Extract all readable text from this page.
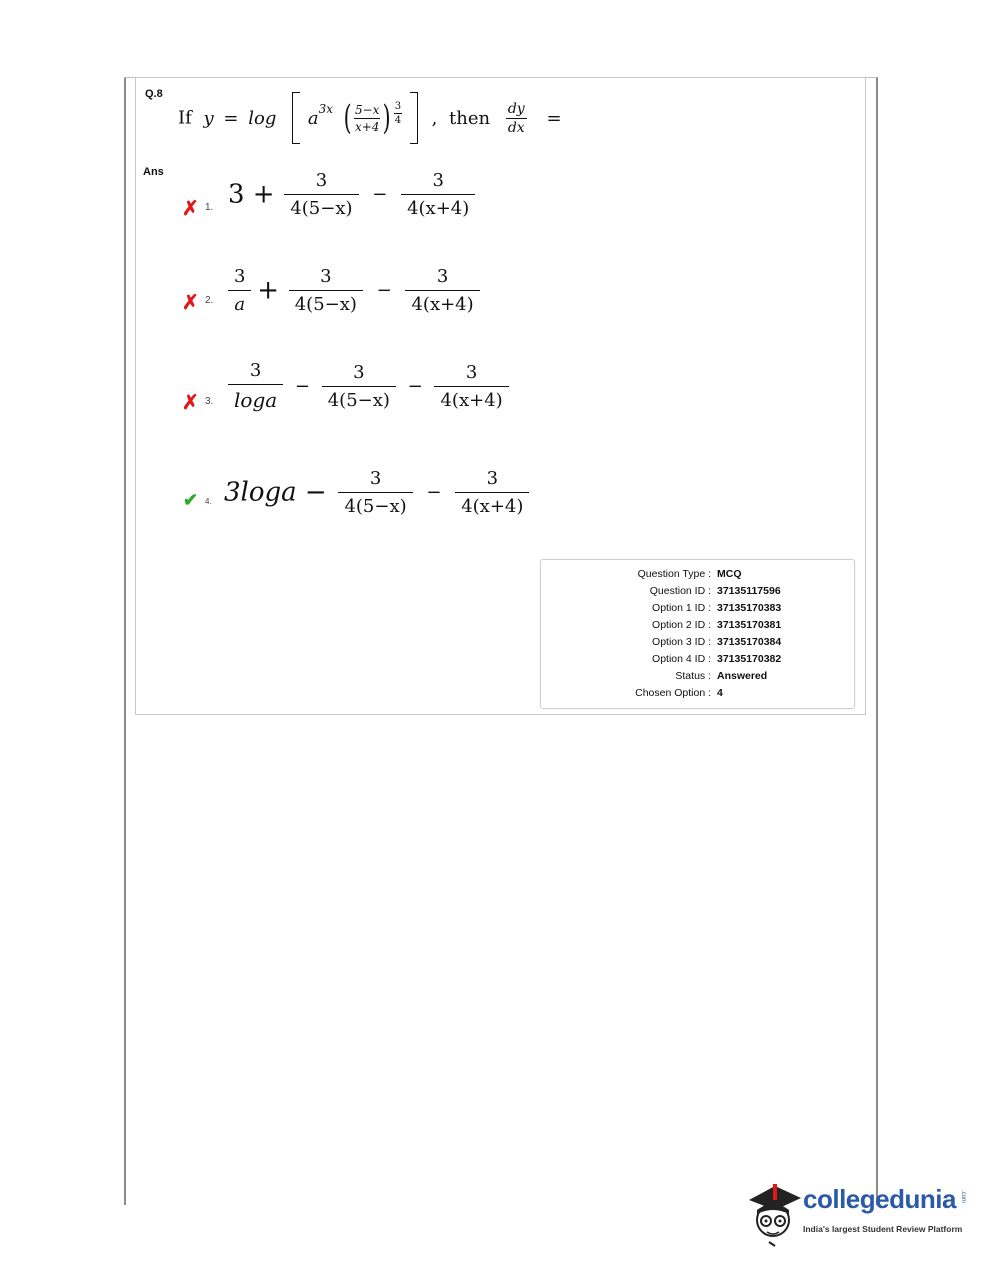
Q.8
If $y = \log a^{3x}$ ( $\frac{5-x}{x+4}$ ) $\frac{3}{4}$ , then $\frac{dy}{dx}$ =
Ans
✗ 1. $3 + \frac{3}{4(5-x)} - \frac{3}{4(x+4)}$
✗ 2. $\frac{3}{a} + \frac{3}{4(5-x)} - \frac{3}{4(x+4)}$
✗ 3. $\frac{3}{\log a} - \frac{3}{4(5-x)} - \frac{3}{4(x+4)}$
✔ 4. $3\log a - \frac{3}{4(5-x)} - \frac{3}{4(x+4)}$
Question Type : MCQ
Question ID : 37135117596
Option 1 ID : 37135170383
Option 2 ID : 37135170381
Option 3 ID : 37135170384
Option 4 ID : 37135170382
Status : Answered
Chosen Option : 4
collegedunia .com
India's largest Student Review Platform
